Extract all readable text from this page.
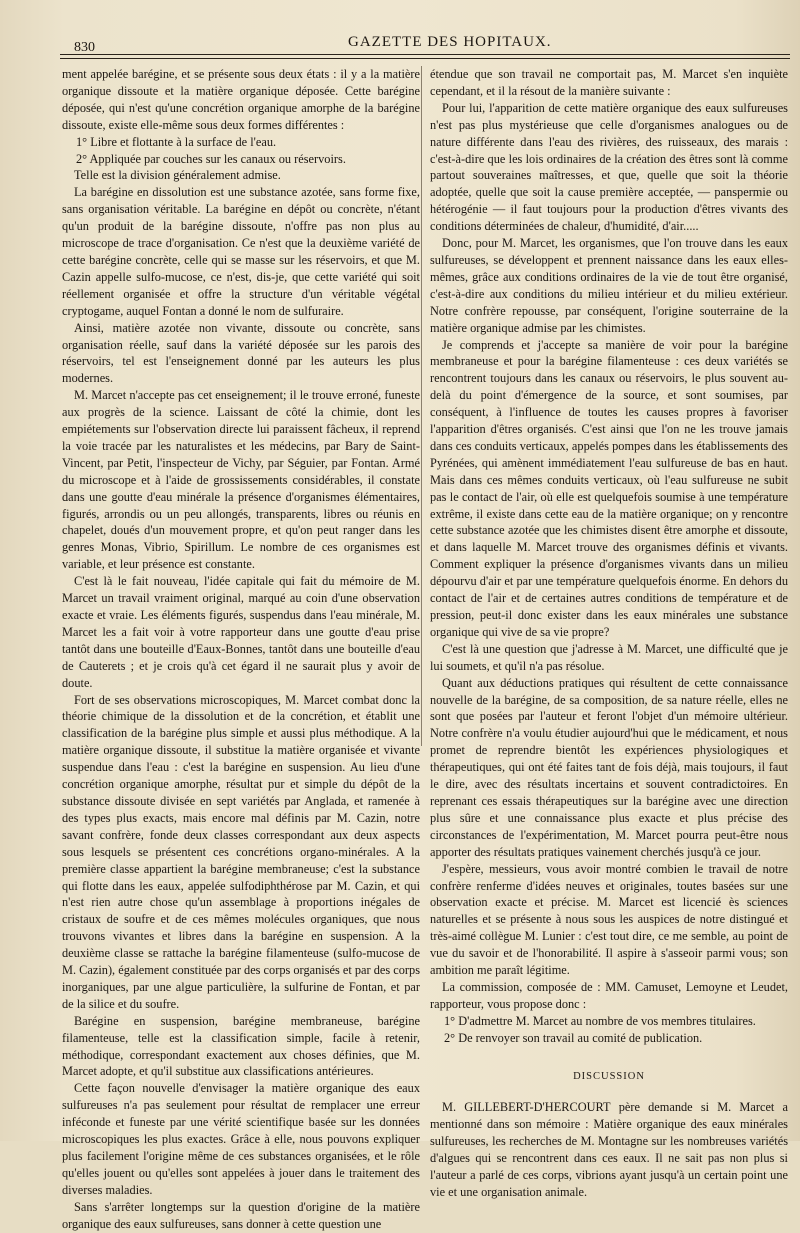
830	GAZETTE DES HOPITAUX.

ment appelée barégine, et se présente sous deux états : il y a la matière organique dissoute et la matière organique déposée. Cette barégine déposée, qui n'est qu'une concrétion organique amorphe de la barégine dissoute, existe elle-même sous deux formes différentes :

1° Libre et flottante à la surface de l'eau.

2° Appliquée par couches sur les canaux ou réservoirs.

Telle est la division généralement admise.

La barégine en dissolution est une substance azotée, sans forme fixe, sans organisation véritable. La barégine en dépôt ou concrète, n'étant qu'un produit de la barégine dissoute, n'offre pas non plus au microscope de trace d'organisation. Ce n'est que la deuxième variété de cette barégine concrète, celle qui se masse sur les réservoirs, et que M. Cazin appelle sulfo-mucose, ce n'est, dis-je, que cette variété qui soit réellement organisée et offre la structure d'un véritable végétal cryptogame, auquel Fontan a donné le nom de sulfuraire.

Ainsi, matière azotée non vivante, dissoute ou concrète, sans organisation réelle, sauf dans la variété déposée sur les parois des réservoirs, tel est l'enseignement donné par les auteurs les plus modernes.

M. Marcet n'accepte pas cet enseignement; il le trouve erroné, funeste aux progrès de la science. Laissant de côté la chimie, dont les empiétements sur l'observation directe lui paraissent fâcheux, il reprend la voie tracée par les naturalistes et les médecins, par Bary de Saint-Vincent, par Petit, l'inspecteur de Vichy, par Séguier, par Fontan. Armé du microscope et à l'aide de grossissements considérables, il constate dans une goutte d'eau minérale la présence d'organismes élémentaires, figurés, arrondis ou un peu allongés, transparents, libres ou réunis en chapelet, doués d'un mouvement propre, et qu'on peut ranger dans les genres Monas, Vibrio, Spirillum. Le nombre de ces organismes est variable, et leur présence est constante.

C'est là le fait nouveau, l'idée capitale qui fait du mémoire de M. Marcet un travail vraiment original, marqué au coin d'une observation exacte et vraie. Les éléments figurés, suspendus dans l'eau minérale, M. Marcet les a fait voir à votre rapporteur dans une goutte d'eau prise tantôt dans une bouteille d'Eaux-Bonnes, tantôt dans une bouteille d'eau de Cauterets ; et je crois qu'à cet égard il ne saurait plus y avoir de doute.

Fort de ses observations microscopiques, M. Marcet combat donc la théorie chimique de la dissolution et de la concrétion, et établit une classification de la barégine plus simple et aussi plus méthodique. A la matière organique dissoute, il substitue la matière organisée et vivante suspendue dans l'eau : c'est la barégine en suspension. Au lieu d'une concrétion organique amorphe, résultat pur et simple du dépôt de la substance dissoute divisée en sept variétés par Anglada, et ramenée à des types plus exacts, mais encore mal définis par M. Cazin, notre savant confrère, fonde deux classes correspondant aux deux aspects sous lesquels se présentent ces concrétions organo-minérales. A la première classe appartient la barégine membraneuse; c'est la substance qui flotte dans les eaux, appelée sulfodiphthérose par M. Cazin, et qui n'est rien autre chose qu'un assemblage à proportions inégales de cristaux de soufre et de ces mêmes molécules organiques, que nous trouvons vivantes et libres dans la barégine en suspension. A la deuxième classe se rattache la barégine filamenteuse (sulfo-mucose de M. Cazin), également constituée par des corps organisés et par des corps inorganiques, par une algue particulière, la sulfurine de Fontan, et par de la silice et du soufre.

Barégine en suspension, barégine membraneuse, barégine filamenteuse, telle est la classification simple, facile à retenir, méthodique, correspondant exactement aux choses définies, que M. Marcet adopte, et qu'il substitue aux classifications antérieures.

Cette façon nouvelle d'envisager la matière organique des eaux sulfureuses n'a pas seulement pour résultat de remplacer une erreur inféconde et funeste par une vérité scientifique basée sur les données microscopiques les plus exactes. Grâce à elle, nous pouvons expliquer plus facilement l'origine même de ces substances organisées, et le rôle qu'elles jouent ou qu'elles sont appelées à jouer dans le traitement des diverses maladies.

Sans s'arrêter longtemps sur la question d'origine de la matière organique des eaux sulfureuses, sans donner à cette question une

étendue que son travail ne comportait pas, M. Marcet s'en inquiète cependant, et il la résout de la manière suivante :

Pour lui, l'apparition de cette matière organique des eaux sulfureuses n'est pas plus mystérieuse que celle d'organismes analogues ou de nature différente dans l'eau des rivières, des ruisseaux, des marais : c'est-à-dire que les lois ordinaires de la création des êtres sont là comme partout souveraines maîtresses, et que, quelle que soit la théorie adoptée, quelle que soit la cause première acceptée, — panspermie ou hétérogénie — il faut toujours pour la production d'êtres vivants des conditions déterminées de chaleur, d'humidité, d'air.....

Donc, pour M. Marcet, les organismes, que l'on trouve dans les eaux sulfureuses, se développent et prennent naissance dans les eaux elles-mêmes, grâce aux conditions ordinaires de la vie de tout être organisé, c'est-à-dire aux conditions du milieu intérieur et du milieu extérieur. Notre confrère repousse, par conséquent, l'origine souterraine de la matière organique admise par les chimistes.

Je comprends et j'accepte sa manière de voir pour la barégine membraneuse et pour la barégine filamenteuse : ces deux variétés se rencontrent toujours dans les canaux ou réservoirs, le plus souvent au-delà du point d'émergence de la source, et sont soumises, par conséquent, à l'influence de toutes les causes propres à favoriser l'apparition d'êtres organisés. C'est ainsi que l'on ne les trouve jamais dans ces conduits verticaux, appelés pompes dans les établissements des Pyrénées, qui amènent immédiatement l'eau sulfureuse de bas en haut. Mais dans ces mêmes conduits verticaux, où l'eau sulfureuse ne subit pas le contact de l'air, où elle est quelquefois soumise à une température extrême, il existe dans cette eau de la matière organique; on y rencontre cette substance azotée que les chimistes disent être amorphe et dissoute, et dans laquelle M. Marcet trouve des organismes définis et vivants. Comment expliquer la présence d'organismes vivants dans un milieu dépourvu d'air et par une température quelquefois énorme. En dehors du contact de l'air et de certaines autres conditions de température et de pression, peut-il donc exister dans les eaux minérales une substance organique qui vive de sa vie propre?

C'est là une question que j'adresse à M. Marcet, une difficulté que je lui soumets, et qu'il n'a pas résolue.

Quant aux déductions pratiques qui résultent de cette connaissance nouvelle de la barégine, de sa composition, de sa nature réelle, elles ne sont que posées par l'auteur et feront l'objet d'un mémoire ultérieur. Notre confrère n'a voulu étudier aujourd'hui que le médicament, et nous promet de reprendre bientôt les expériences physiologiques et thérapeutiques, qui ont été faites tant de fois déjà, mais toujours, il faut le dire, avec des résultats incertains et souvent contradictoires. En reprenant ces essais thérapeutiques sur la barégine avec une direction plus sûre et une connaissance plus exacte et plus précise des circonstances de l'expérimentation, M. Marcet pourra peut-être nous apporter des résultats pratiques vainement cherchés jusqu'à ce jour.

J'espère, messieurs, vous avoir montré combien le travail de notre confrère renferme d'idées neuves et originales, toutes basées sur une observation exacte et précise. M. Marcet est licencié ès sciences naturelles et se présente à nous sous les auspices de notre distingué et très-aimé collègue M. Lunier : c'est tout dire, ce me semble, au point de vue du savoir et de l'honorabilité. Il aspire à s'asseoir parmi vous; son ambition me paraît légitime.

La commission, composée de : MM. Camuset, Lemoyne et Leudet, rapporteur, vous propose donc :

1° D'admettre M. Marcet au nombre de vos membres titulaires.

2° De renvoyer son travail au comité de publication.

DISCUSSION

M. GILLEBERT-D'HERCOURT père demande si M. Marcet a mentionné dans son mémoire : Matière organique des eaux minérales sulfureuses, les recherches de M. Montagne sur les nombreuses variétés d'algues qui se rencontrent dans ces eaux. Il ne sait pas non plus si l'auteur a parlé de ces corps, vibrions ayant jusqu'à un certain point une vie et une organisation animale.
